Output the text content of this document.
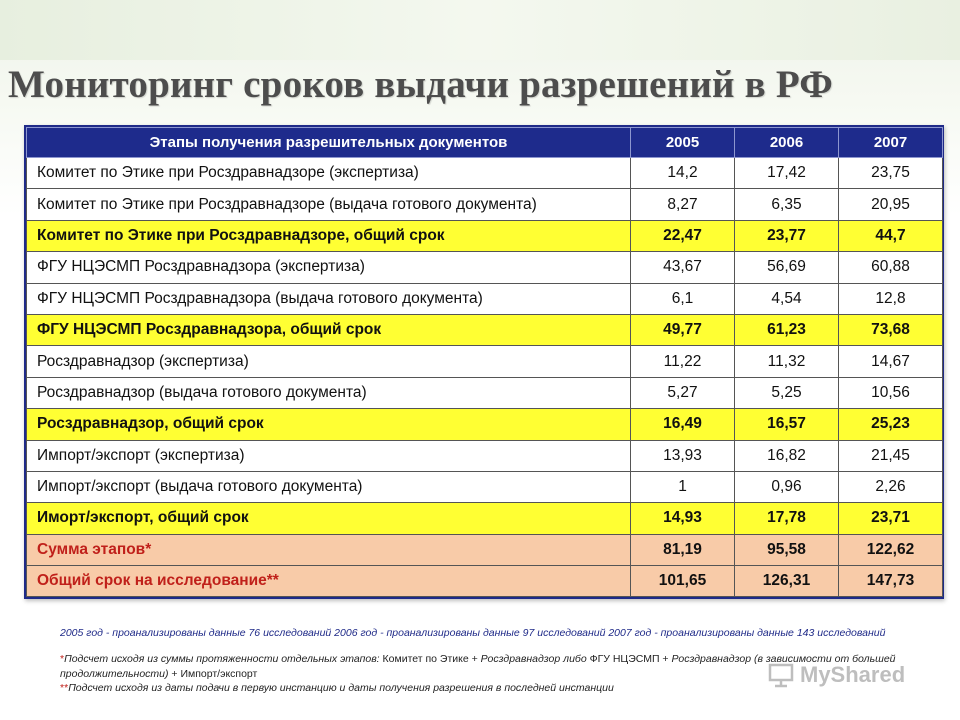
Мониторинг сроков выдачи разрешений в РФ
Этапы получения разрешительных документов	2005	2006	2007
Комитет по Этике при Росздравнадзоре (экспертиза)	14,2	17,42	23,75
Комитет по Этике при Росздравнадзоре (выдача готового документа)	8,27	6,35	20,95
Комитет по Этике при Росздравнадзоре, общий срок	22,47	23,77	44,7
ФГУ НЦЭСМП Росздравнадзора (экспертиза)	43,67	56,69	60,88
ФГУ НЦЭСМП Росздравнадзора (выдача готового документа)	6,1	4,54	12,8
ФГУ НЦЭСМП Росздравнадзора, общий срок	49,77	61,23	73,68
Росздравнадзор (экспертиза)	11,22	11,32	14,67
Росздравнадзор (выдача готового документа)	5,27	5,25	10,56
Росздравнадзор, общий срок	16,49	16,57	25,23
Импорт/экспорт (экспертиза)	13,93	16,82	21,45
Импорт/экспорт (выдача готового документа)	1	0,96	2,26
Иморт/экспорт, общий срок	14,93	17,78	23,71
Сумма этапов*	81,19	95,58	122,62
Общий срок на исследование**	101,65	126,31	147,73
2005 год - проанализированы данные 76 исследований 2006 год - проанализированы данные 97 исследований 2007 год - проанализированы данные 143 исследований

*Подсчет исходя из суммы протяженности отдельных этапов: Комитет по Этике + Росздравнадзор либо ФГУ НЦЭСМП + Росздравнадзор (в зависимости от большей продолжительности) + Импорт/экспорт

**Подсчет исходя из даты подачи в первую инстанцию и даты получения разрешения в последней инстанции

MyShared
